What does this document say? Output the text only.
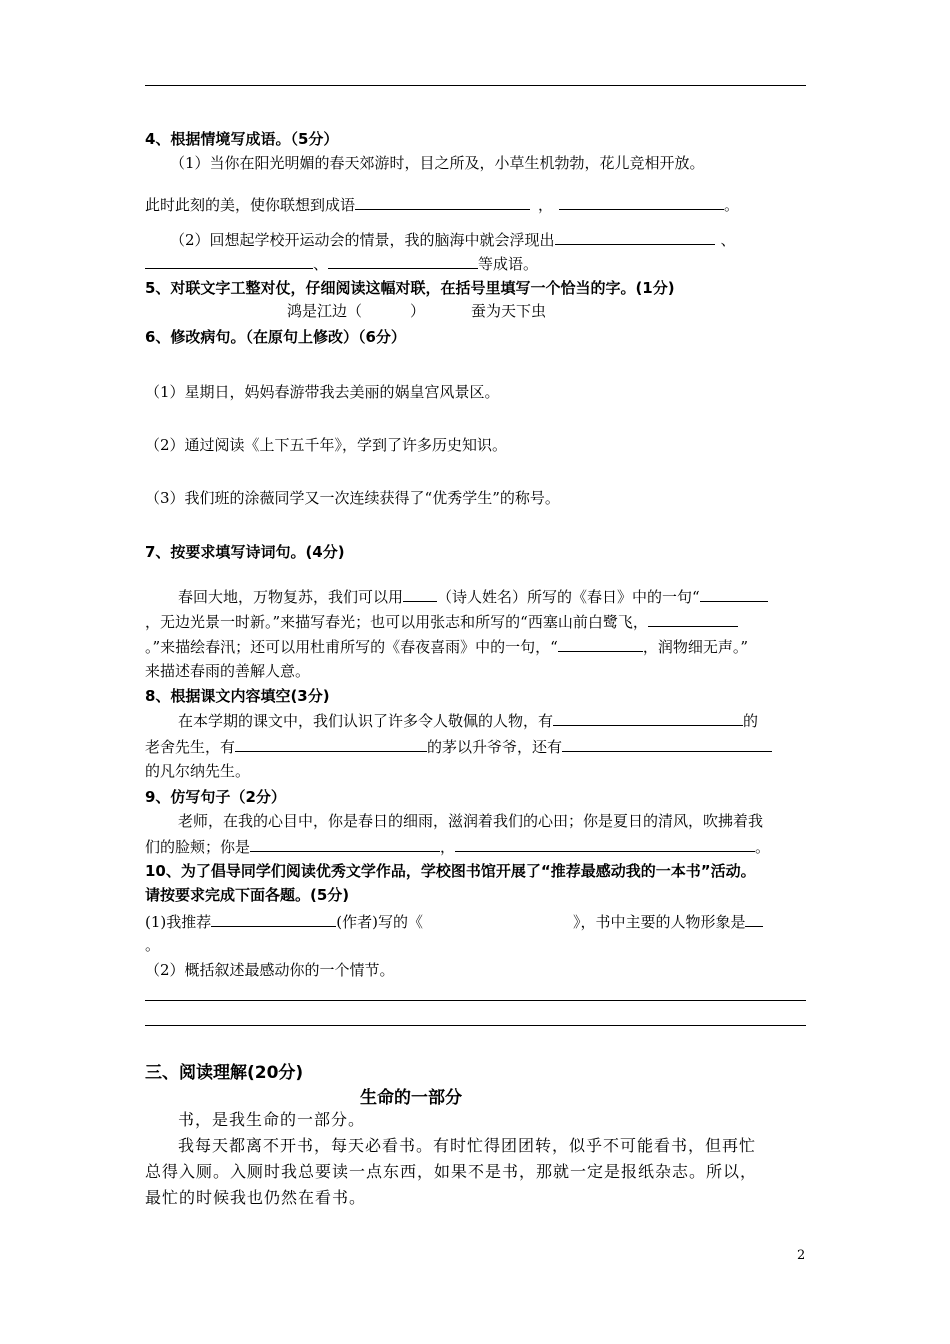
4、根据情境写成语。（5分）
（1）当你在阳光明媚的春天郊游时，目之所及，小草生机勃勃，花儿竞相开放。
此时此刻的美，使你联想到成语	，	。
（2）回想起学校开运动会的情景，我的脑海中就会浮现出	、
、	等成语。
5、对联文字工整对仗，仔细阅读这幅对联，在括号里填写一个恰当的字。(1分)
鸿是江边（	）	蚕为天下虫
6、修改病句。（在原句上修改）（6分）
（1）星期日，妈妈春游带我去美丽的娲皇宫风景区。
（2）通过阅读《上下五千年》，学到了许多历史知识。
（3）我们班的涂薇同学又一次连续获得了“优秀学生”的称号。
7、按要求填写诗词句。(4分)
春回大地，万物复苏，我们可以用 （诗人姓名）所写的《春日》中的一句“
，无边光景一时新。”来描写春光；也可以用张志和所写的“西塞山前白鹭飞，
。”来描绘春汛；还可以用杜甫所写的《春夜喜雨》中的一句，“	，润物细无声。”
来描述春雨的善解人意。
8、根据课文内容填空(3分)
在本学期的课文中，我们认识了许多令人敬佩的人物，有	的
老舍先生，有	的茅以升爷爷，还有
的凡尔纳先生。
9、仿写句子（2分）
老师，在我的心目中，你是春日的细雨，滋润着我们的心田；你是夏日的清风，吹拂着我
们的脸颊；你是	，	。
10、为了倡导同学们阅读优秀文学作品，学校图书馆开展了“推荐最感动我的一本书”活动。
请按要求完成下面各题。(5分)
(1)我推荐	(作者)写的《	》，书中主要的人物形象是
。
（2）概括叙述最感动你的一个情节。
三、阅读理解(20分)
生命的一部分
书，是我生命的一部分。
我每天都离不开书，每天必看书。有时忙得团团转，似乎不可能看书，但再忙
总得入厕。入厕时我总要读一点东西，如果不是书，那就一定是报纸杂志。所以，
最忙的时候我也仍然在看书。
2
